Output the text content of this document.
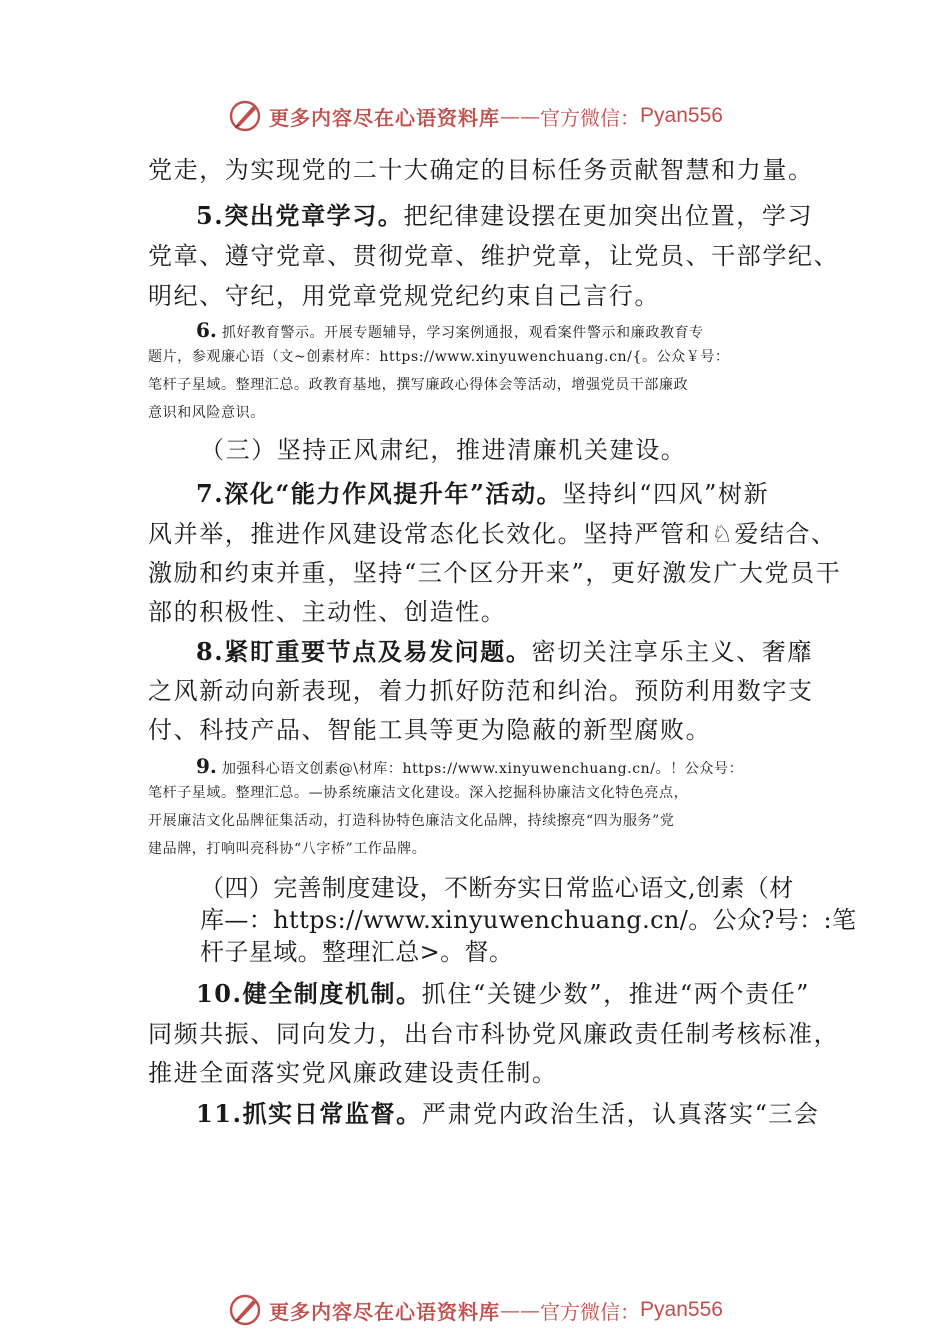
更多内容尽在心语资料库 —— 官方微信： Pyan556
党走，为实现党的二十大确定的目标任务贡献智慧和力量。
5.突出党章学习。把纪律建设摆在更加突出位置，学习
党章、遵守党章、贯彻党章、维护党章，让党员、干部学纪、
明纪、守纪，用党章党规党纪约束自己言行。
6. 抓好教育警示。开展专题辅导，学习案例通报，观看案件警示和廉政教育专
题片，参观廉心语（文~创素材库：https://www.xinyuwenchuang.cn/{。公众￥号：
笔杆子星域。整理汇总。政教育基地，撰写廉政心得体会等活动，增强党员干部廉政
意识和风险意识。
（三）坚持正风肃纪，推进清廉机关建设。
7.深化“能力作风提升年”活动。坚持纠“四风”树新
风并举，推进作风建设常态化长效化。坚持严管和♘爱结合、
激励和约束并重，坚持“三个区分开来”，更好激发广大党员干
部的积极性、主动性、创造性。
8.紧盯重要节点及易发问题。密切关注享乐主义、奢靡
之风新动向新表现，着力抓好防范和纠治。预防利用数字支
付、科技产品、智能工具等更为隐蔽的新型腐败。
9. 加强科心语文创素@\材库：https://www.xinyuwenchuang.cn/。！公众号：
笔杆子星域。整理汇总。—协系统廉洁文化建设。深入挖掘科协廉洁文化特色亮点，
开展廉洁文化品牌征集活动，打造科协特色廉洁文化品牌，持续擦亮“四为服务”党
建品牌，打响叫亮科协“八字桥”工作品牌。
（四）完善制度建设，不断夯实日常监心语文,创素（材
库—：https://www.xinyuwenchuang.cn/。公众?号：:笔
杆子星域。整理汇总>。督。
10.健全制度机制。抓住“关键少数”，推进“两个责任”
同频共振、同向发力，出台市科协党风廉政责任制考核标准，
推进全面落实党风廉政建设责任制。
11.抓实日常监督。严肃党内政治生活，认真落实“三会
更多内容尽在心语资料库 —— 官方微信： Pyan556
